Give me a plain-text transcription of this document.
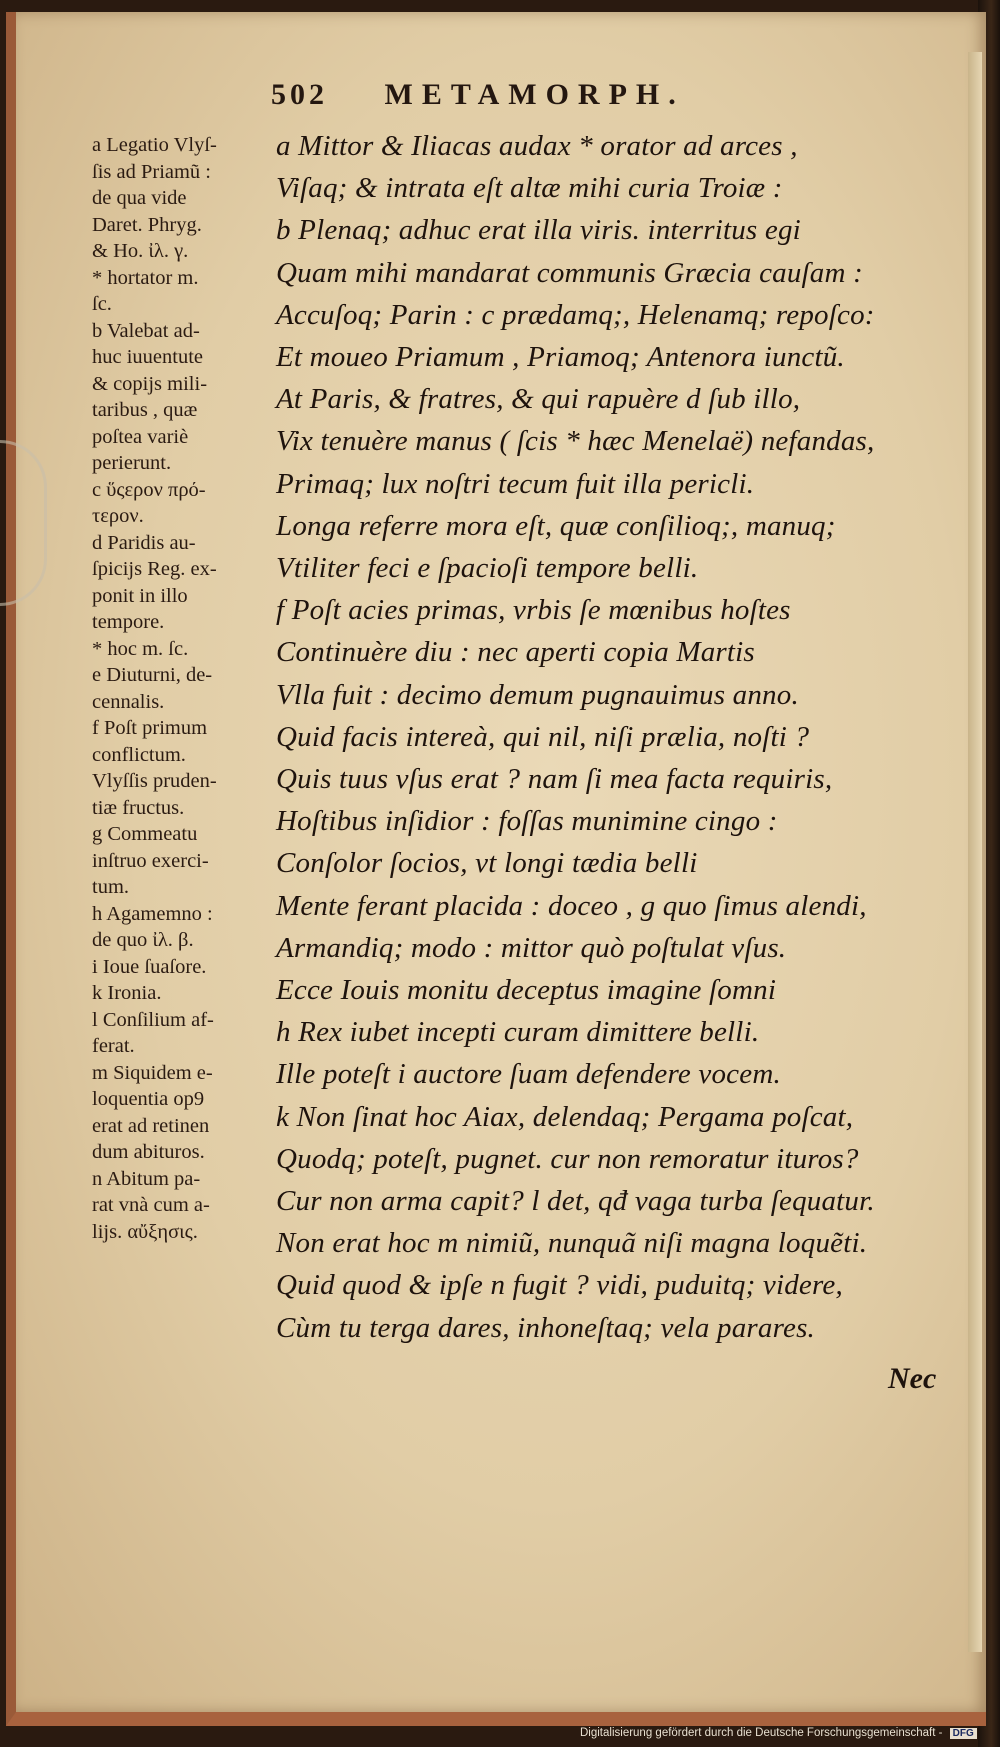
502 METAMORPH.

a Legatio Vlyſ-

ſis ad Priamũ :

de qua vide

Daret. Phryg.

& Ho. ἰλ. γ.

* hortator m.

ſc.

b Valebat ad-

huc iuuentute

& copijs mili-

taribus , quæ

poſtea variè

perierunt.

c ὕςερον πρό-

τερον.

d Paridis au-

ſpicijs Reg. ex-

ponit in illo

tempore.

* hoc m. ſc.

e Diuturni, de-

cennalis.

f Poſt primum

conflictum.

Vlyſſis pruden-

tiæ fructus.

g Commeatu

inſtruo exerci-

tum.

h Agamemno :

de quo ἰλ. β.

i Ioue ſuaſore.

k Ironia.

l Conſilium af-

ferat.

m Siquidem e-

loquentia op9

erat ad retinen

dum abituros.

n Abitum pa-

rat vnà cum a-

lijs. αὔξησις.

a Mittor & Iliacas audax * orator ad arces ,
Viſaq; & intrata eſt altæ mihi curia Troiæ :
b Plenaq; adhuc erat illa viris. interritus egi
Quam mihi mandarat communis Græcia cauſam :
Accuſoq; Parin : c prædamq;, Helenamq; repoſco:
Et moueo Priamum , Priamoq; Antenora iunctũ.
At Paris, & fratres, & qui rapuère d ſub illo,
Vix tenuère manus ( ſcis * hæc Menelaë) nefandas,
Primaq; lux noſtri tecum fuit illa pericli.
Longa referre mora eſt, quæ conſilioq;, manuq;
Vtiliter feci e ſpacioſi tempore belli.
f Poſt acies primas, vrbis ſe mœnibus hoſtes
Continuère diu : nec aperti copia Martis
Vlla fuit : decimo demum pugnauimus anno.
Quid facis intereà, qui nil, niſi prælia, noſti ?
Quis tuus vſus erat ? nam ſi mea facta requiris,
Hoſtibus inſidior : foſſas munimine cingo :
Conſolor ſocios, vt longi tædia belli
Mente ferant placida : doceo , g quo ſimus alendi,
Armandiq; modo : mittor quò poſtulat vſus.
Ecce Iouis monitu deceptus imagine ſomni
h Rex iubet incepti curam dimittere belli.
Ille poteſt i auctore ſuam defendere vocem.
k Non ſinat hoc Aiax, delendaq; Pergama poſcat,
Quodq; poteſt, pugnet. cur non remoratur ituros?
Cur non arma capit? l det, qđ vaga turba ſequatur.
Non erat hoc m nimiũ, nunquã niſi magna loquẽti.
Quid quod & ipſe n fugit ? vidi, puduitq; videre,
Cùm tu terga dares, inhoneſtaq; vela parares.
Nec
Digitalisierung gefördert durch die Deutsche Forschungsgemeinschaft - DFG
